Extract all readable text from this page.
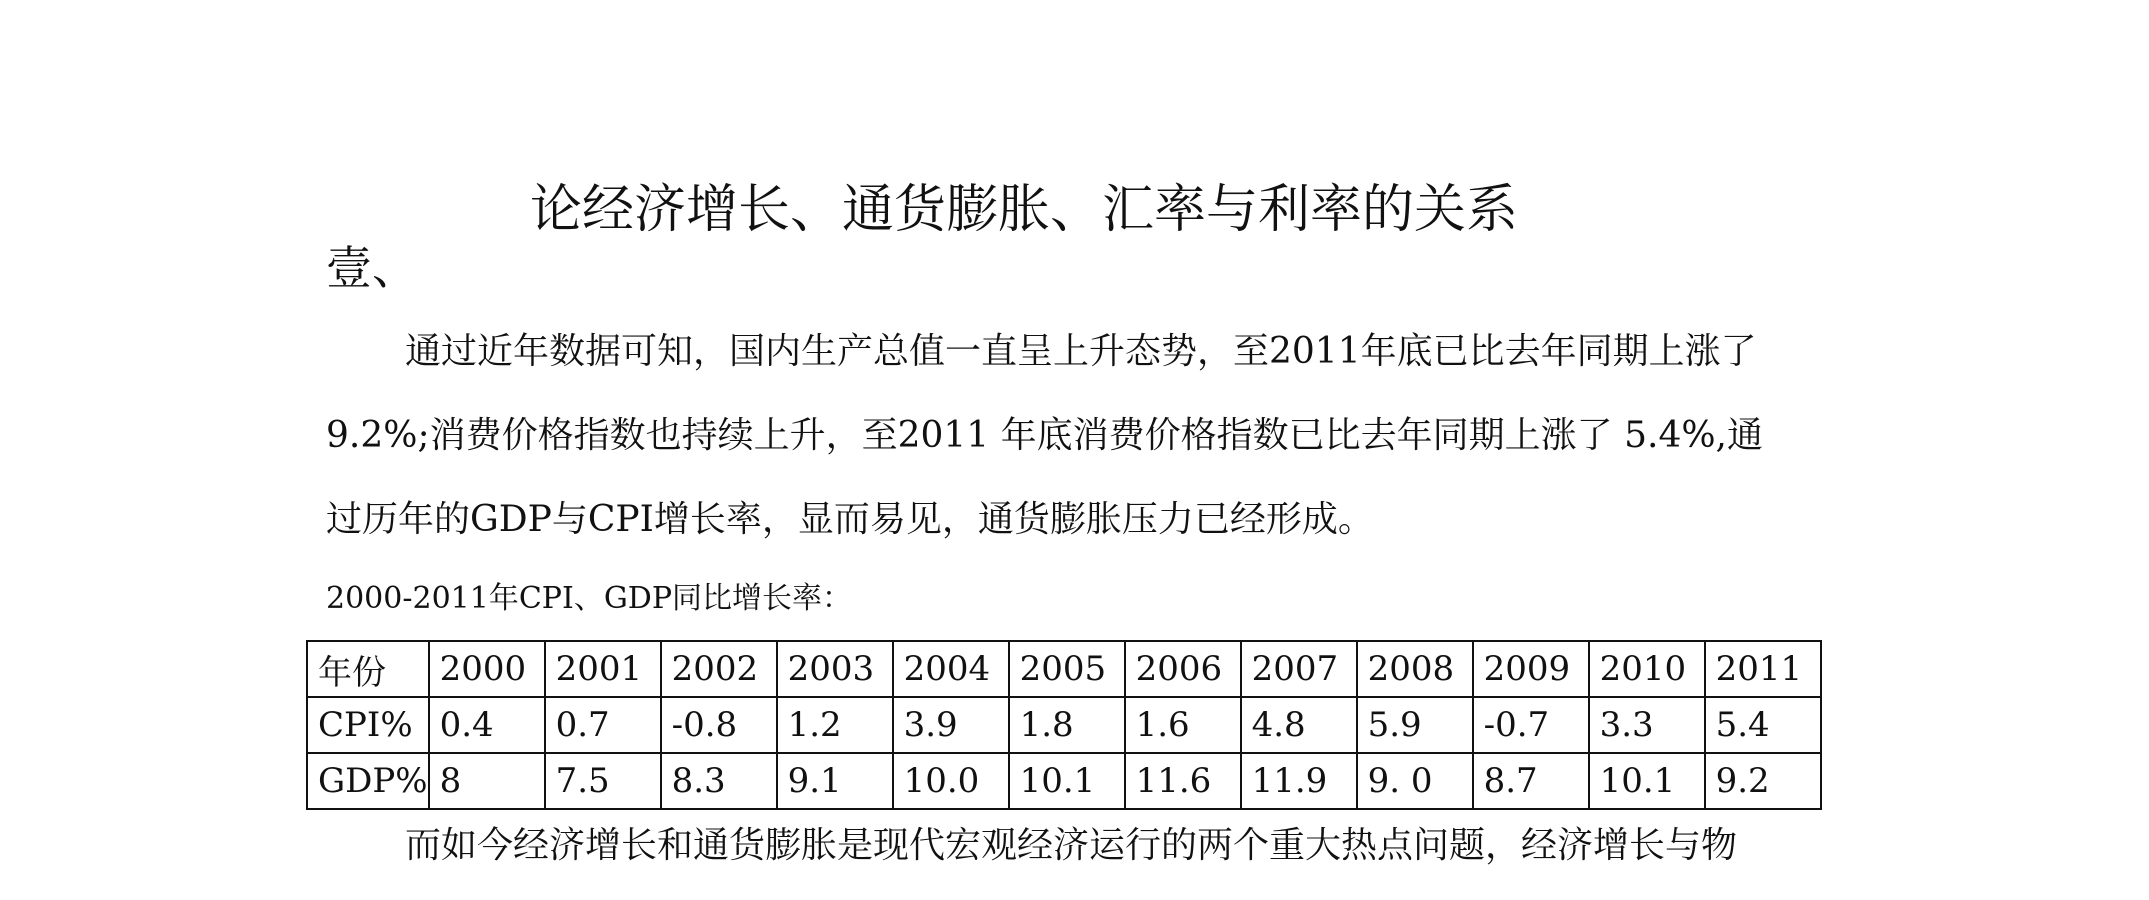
论经济增长、通货膨胀、汇率与利率的关系
壹、
通过近年数据可知，国内生产总值一直呈上升态势，至2011年底已比去年同期上涨了
9.2%;消费价格指数也持续上升，至2011 年底消费价格指数已比去年同期上涨了 5.4%,通
过历年的GDP与CPI增长率，显而易见，通货膨胀压力已经形成。
2000-2011年CPI、GDP同比增长率：
年份	2000	2001	2002	2003	2004	2005	2006	2007	2008	2009	2010	2011
CPI%	0.4	0.7	-0.8	1.2	3.9	1.8	1.6	4.8	5.9	-0.7	3.3	5.4
GDP%	8	7.5	8.3	9.1	10.0	10.1	11.6	11.9	9. 0	8.7	10.1	9.2
而如今经济增长和通货膨胀是现代宏观经济运行的两个重大热点问题，经济增长与物
